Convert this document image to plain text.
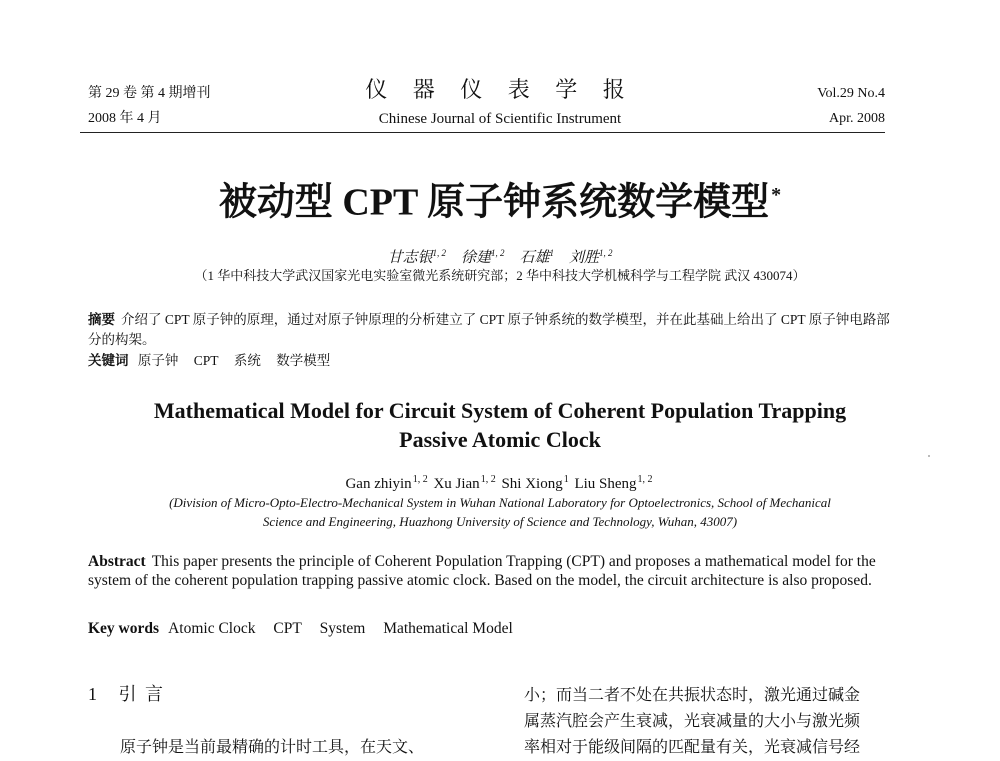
第 29 卷 第 4 期增刊
2008 年 4 月
仪 器 仪 表 学 报
Chinese Journal of Scientific Instrument
Vol.29 No.4
Apr. 2008
被动型 CPT 原子钟系统数学模型 *
甘志银$^{1, 2}$ 徐建$^{1, 2}$ 石雄$^1$ 刘胜$^{1, 2}$
（1 华中科技大学武汉国家光电实验室微光系统研究部；2 华中科技大学机械科学与工程学院 武汉 430074）
摘要 介绍了 CPT 原子钟的原理，通过对原子钟原理的分析建立了 CPT 原子钟系统的数学模型，并在此基础上给出了 CPT 原子钟电路部分的构架。
关键词 原子钟 CPT 系统 数学模型
Mathematical Model for Circuit System of Coherent Population Trapping
Passive Atomic Clock
Gan zhiyin$^{1, 2}$ Xu Jian$^{1, 2}$ Shi Xiong$^1$ Liu Sheng$^{1, 2}$
(Division of Micro-Opto-Electro-Mechanical System in Wuhan National Laboratory for Optoelectronics, School of Mechanical
Science and Engineering, Huazhong University of Science and Technology, Wuhan, 43007)
Abstract This paper presents the principle of Coherent Population Trapping (CPT) and proposes a mathematical model for the system of the coherent population trapping passive atomic clock. Based on the model, the circuit architecture is also proposed.
Key words Atomic Clock CPT System Mathematical Model
1 引 言
原子钟是当前最精确的计时工具，在天文、
小；而当二者不处在共振状态时，激光通过碱金
属蒸汽腔会产生衰减，光衰减量的大小与激光频
率相对于能级间隔的匹配量有关，光衰减信号经
